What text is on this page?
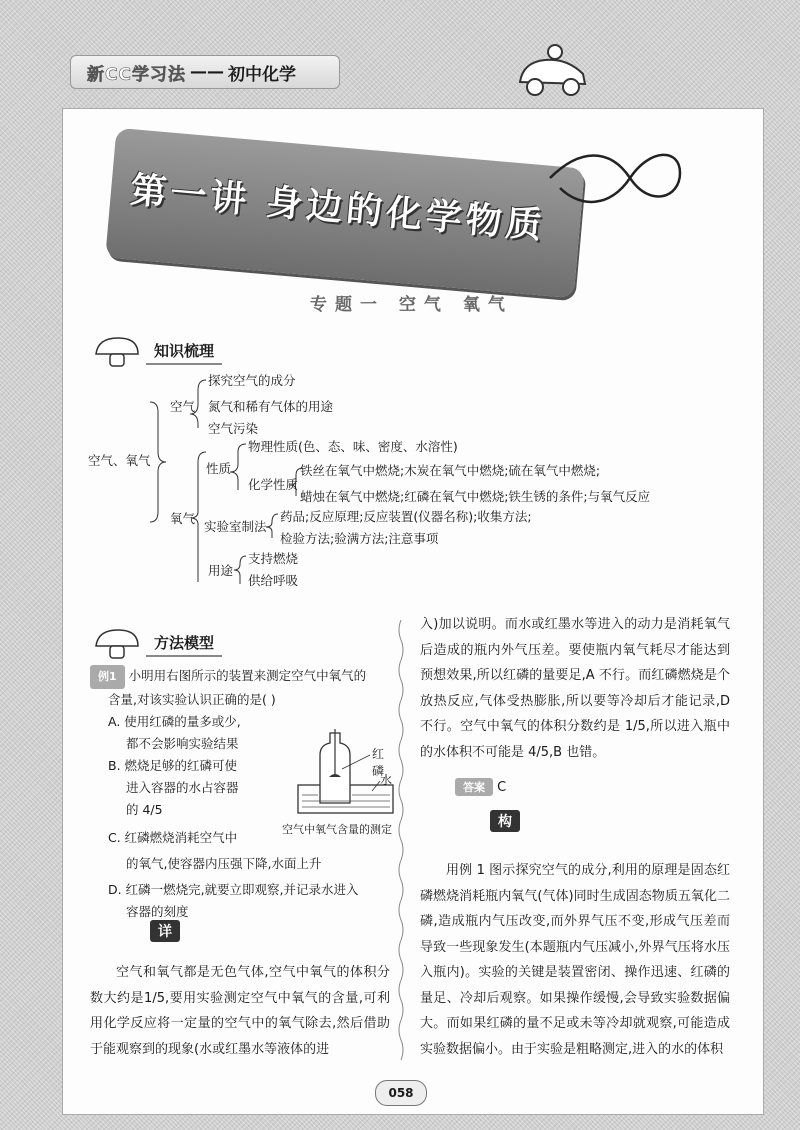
新CC学习法 —— 初中化学
第一讲 身边的化学物质
专题一 空气 氧气
知识梳理
空气、氧气
空气
探究空气的成分
氮气和稀有气体的用途
空气污染
氧气
性质
物理性质(色、态、味、密度、水溶性)
化学性质
铁丝在氧气中燃烧;木炭在氧气中燃烧;硫在氧气中燃烧;
蜡烛在氧气中燃烧;红磷在氧气中燃烧;铁生锈的条件;与氧气反应
实验室制法
药品;反应原理;反应装置(仪器名称);收集方法;
检验方法;验满方法;注意事项
用途
支持燃烧
供给呼吸
方法模型
例1 小明用右图所示的装置来测定空气中氧气的
含量,对该实验认识正确的是( )
A. 使用红磷的量多或少,
都不会影响实验结果
B. 燃烧足够的红磷可使
进入容器的水占容器
的 4/5
C. 红磷燃烧消耗空气中
的氧气,使容器内压强下降,水面上升
D. 红磷一燃烧完,就要立即观察,并记录水进入
容器的刻度
红磷
水
空气中氧气含量的测定
详

空气和氧气都是无色气体,空气中氧气的体积分数大约是1/5,要用实验测定空气中氧气的含量,可利用化学反应将一定量的空气中的氧气除去,然后借助于能观察到的现象(水或红墨水等液体的进

入)加以说明。而水或红墨水等进入的动力是消耗氧气后造成的瓶内外气压差。要使瓶内氧气耗尽才能达到预想效果,所以红磷的量要足,A 不行。而红磷燃烧是个放热反应,气体受热膨胀,所以要等冷却后才能记录,D 不行。空气中氧气的体积分数约是 1/5,所以进入瓶中的水体积不可能是 4/5,B 也错。

答案 C
构

用例 1 图示探究空气的成分,利用的原理是固态红磷燃烧消耗瓶内氧气(气体)同时生成固态物质五氧化二磷,造成瓶内气压改变,而外界气压不变,形成气压差而导致一些现象发生(本题瓶内气压减小,外界气压将水压入瓶内)。实验的关键是装置密闭、操作迅速、红磷的量足、冷却后观察。如果操作缓慢,会导致实验数据偏大。而如果红磷的量不足或未等冷却就观察,可能造成实验数据偏小。由于实验是粗略测定,进入的水的体积

058
